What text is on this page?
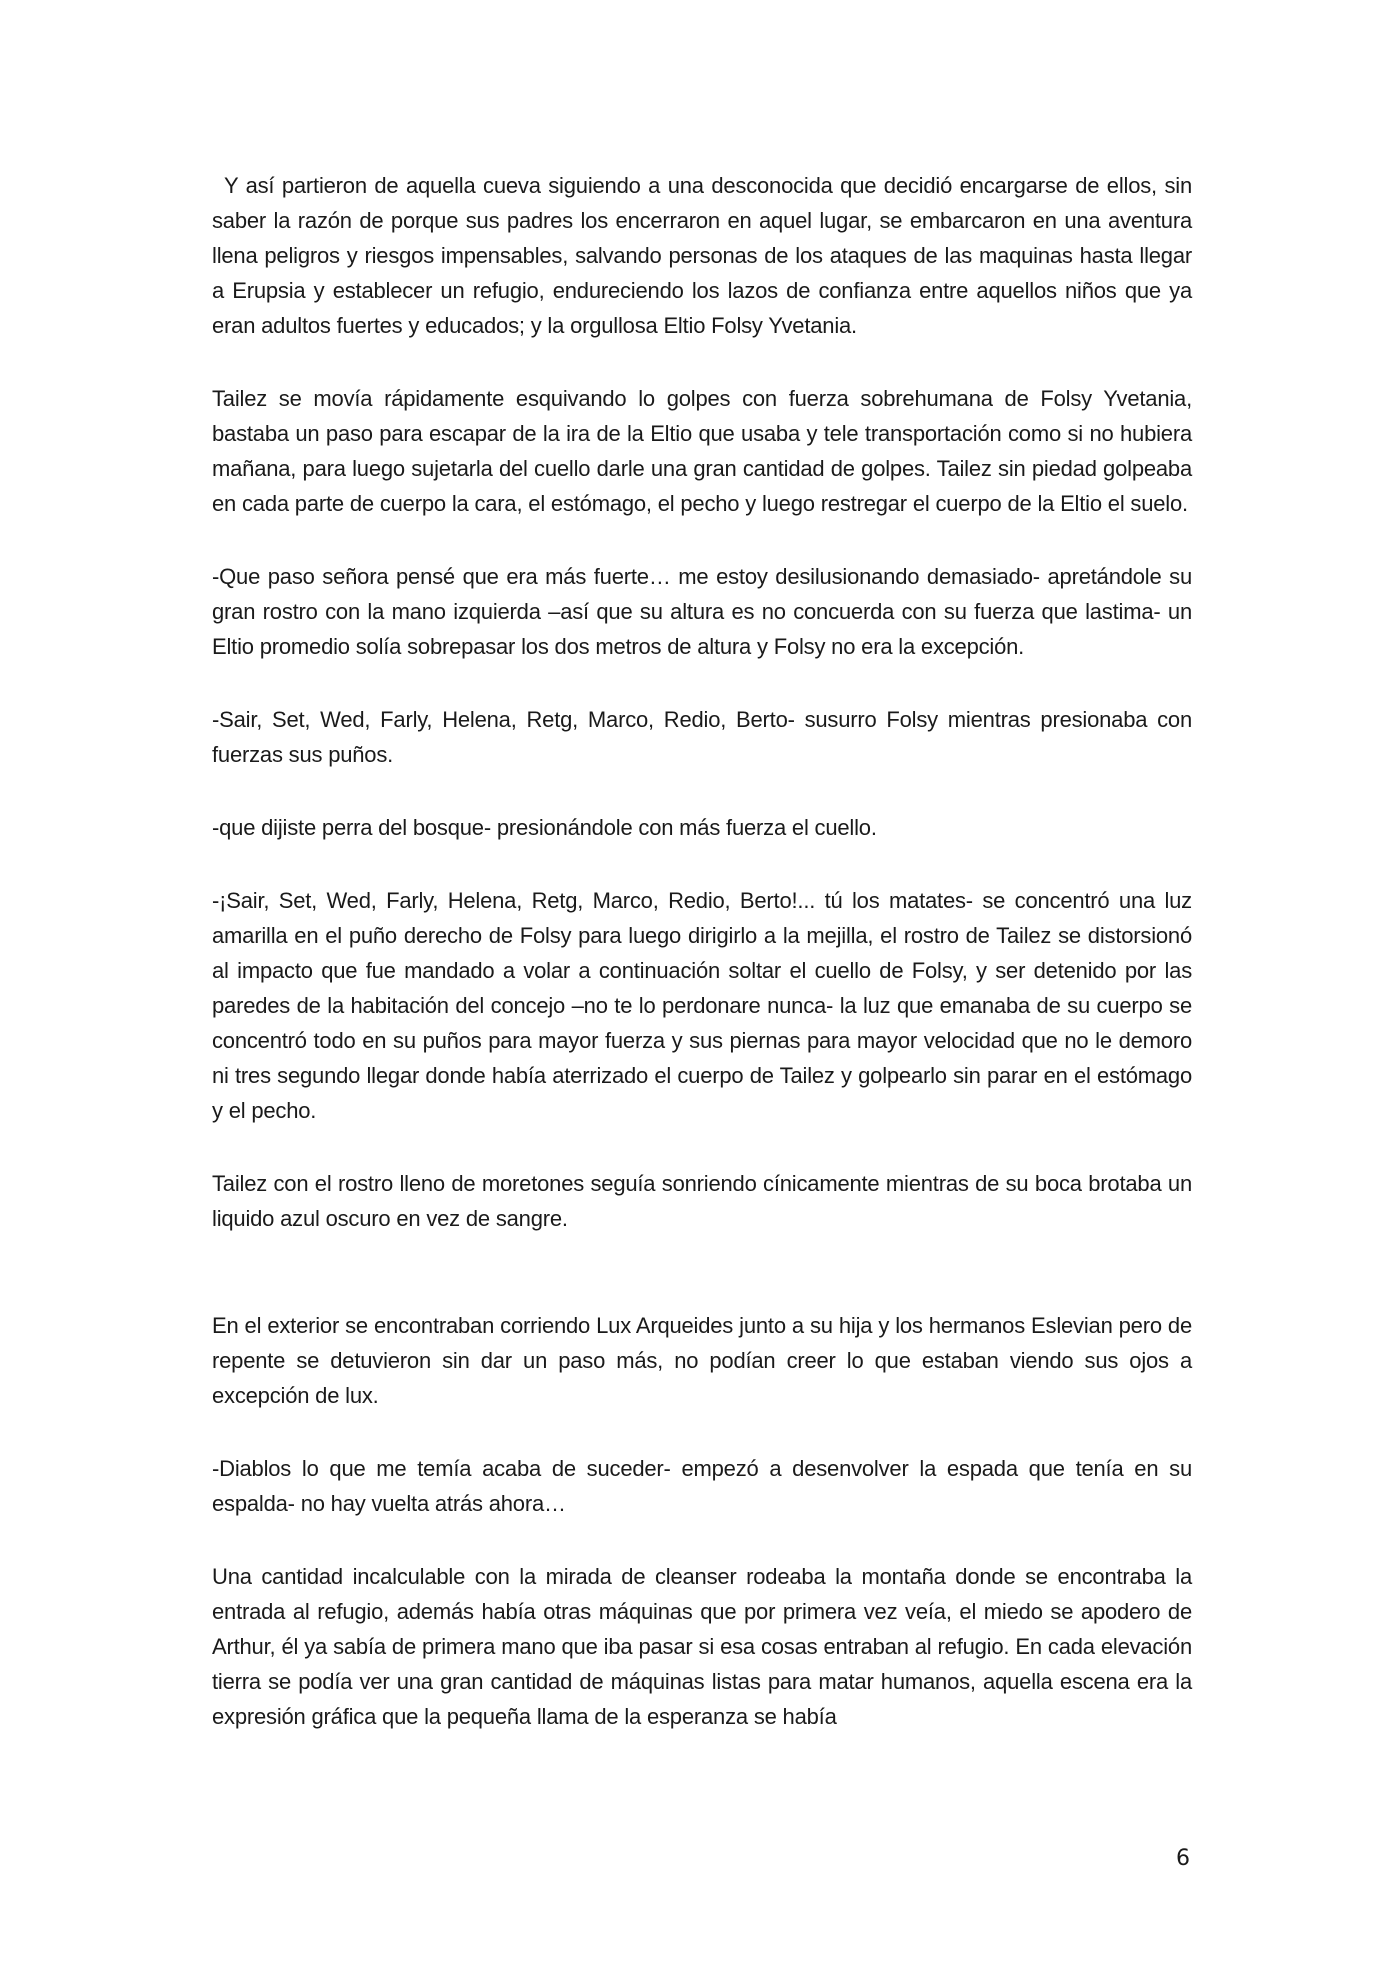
Y así partieron de aquella cueva siguiendo a una desconocida que decidió encargarse de ellos, sin saber la razón de porque sus padres los encerraron en aquel lugar, se embarcaron en una aventura llena peligros y riesgos impensables, salvando personas de los ataques de las maquinas hasta llegar a Erupsia y establecer un refugio, endureciendo los lazos de confianza entre aquellos niños que ya eran adultos fuertes y educados; y la orgullosa Eltio Folsy Yvetania.

Tailez se movía rápidamente esquivando lo golpes con fuerza sobrehumana de Folsy Yvetania, bastaba un paso para escapar de la ira de la Eltio que usaba y tele transportación como si no hubiera mañana, para luego sujetarla del cuello darle una gran cantidad de golpes. Tailez sin piedad golpeaba en cada parte de cuerpo la cara, el estómago, el pecho y luego restregar el cuerpo de la Eltio el suelo.

-Que paso señora pensé que era más fuerte… me estoy desilusionando demasiado- apretándole su gran rostro con la mano izquierda –así que su altura es no concuerda con su fuerza que lastima- un Eltio promedio solía sobrepasar los dos metros de altura y Folsy no era la excepción.

-Sair, Set, Wed, Farly, Helena, Retg, Marco, Redio, Berto- susurro Folsy mientras presionaba con fuerzas sus puños.

-que dijiste perra del bosque- presionándole con más fuerza el cuello.

-¡Sair, Set, Wed, Farly, Helena, Retg, Marco, Redio, Berto!... tú los matates- se concentró una luz amarilla en el puño derecho de Folsy para luego dirigirlo a la mejilla, el rostro de Tailez se distorsionó al impacto que fue mandado a volar a continuación soltar el cuello de Folsy, y ser detenido por las paredes de la habitación del concejo –no te lo perdonare nunca- la luz que emanaba de su cuerpo se concentró todo en su puños para mayor fuerza y sus piernas para mayor velocidad que no le demoro ni tres segundo llegar donde había aterrizado el cuerpo de Tailez y golpearlo sin parar en el estómago y el pecho.

Tailez con el rostro lleno de moretones seguía sonriendo cínicamente mientras de su boca brotaba un liquido azul oscuro en vez de sangre.

En el exterior se encontraban corriendo Lux Arqueides junto a su hija y los hermanos Eslevian pero de repente se detuvieron sin dar un paso más, no podían creer lo que estaban viendo sus ojos a excepción de lux.

-Diablos lo que me temía acaba de suceder- empezó a desenvolver la espada que tenía en su espalda- no hay vuelta atrás ahora…

Una cantidad incalculable con la mirada de cleanser rodeaba la montaña donde se encontraba la entrada al refugio, además había otras máquinas que por primera vez veía, el miedo se apodero de Arthur, él ya sabía de primera mano que iba pasar si esa cosas entraban al refugio. En cada elevación tierra se podía ver una gran cantidad de máquinas listas para matar humanos, aquella escena era la expresión gráfica que la pequeña llama de la esperanza se había

6
